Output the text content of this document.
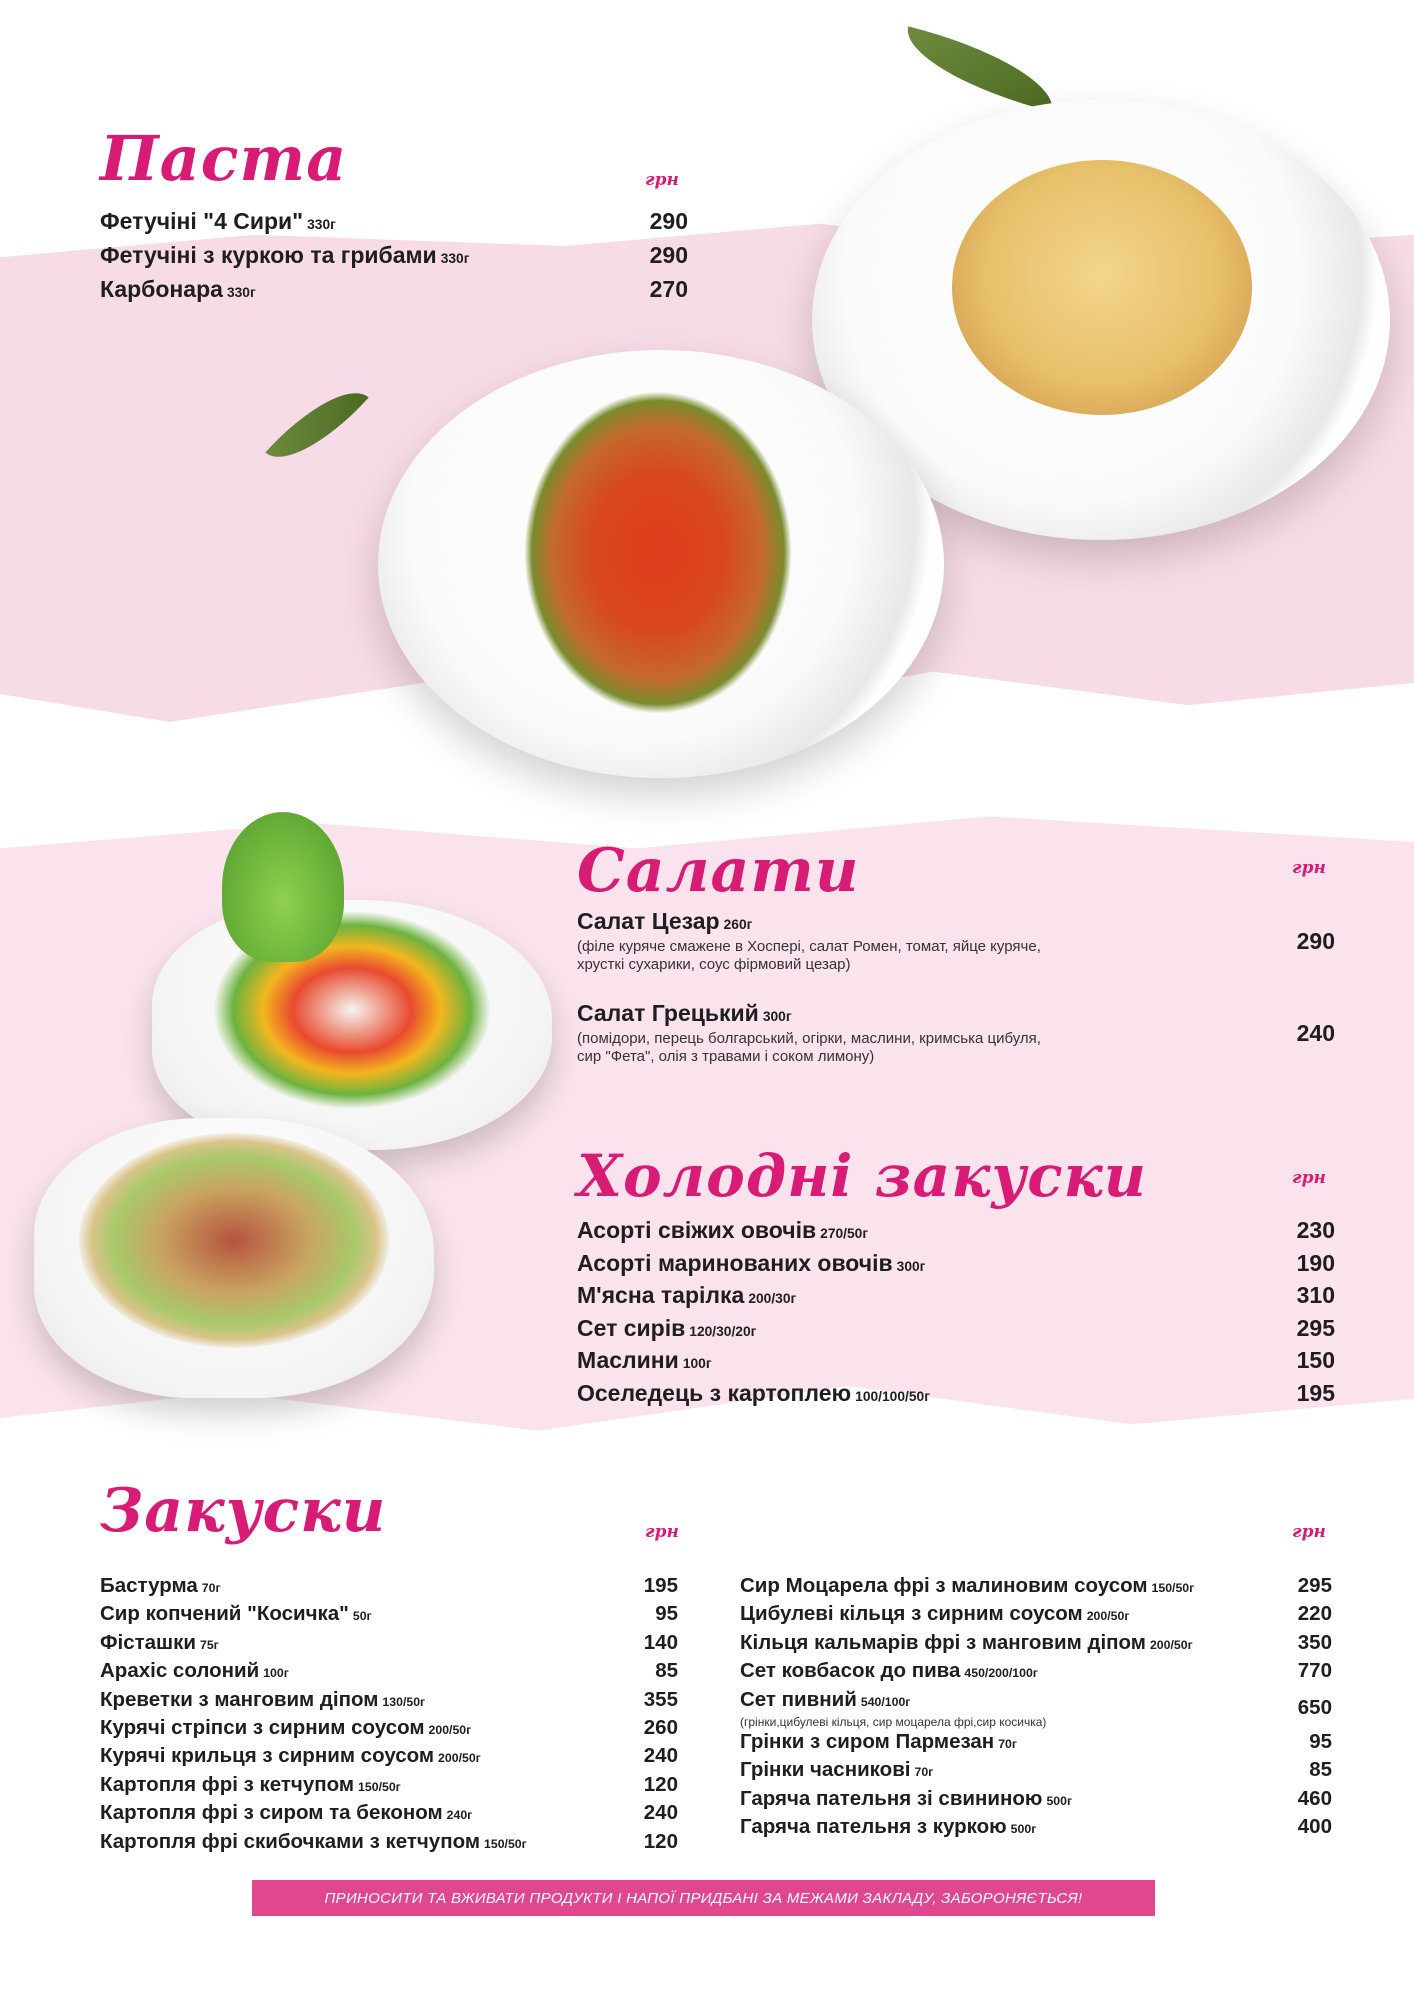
Паста	грн
Фетучіні "4 Сири" 330г	290
Фетучіні з куркою та грибами 330г	290
Карбонара 330г	270
Салати	грн
Салат Цезар 260г
(філе куряче смажене в Хоспері, салат Ромен, томат, яйце куряче, хрусткі сухарики, соус фірмовий цезар)
290
Салат Грецький 300г
(помідори, перець болгарський, огірки, маслини, кримська цибуля, сир "Фета", олія з травами і соком лимону)
240
Холодні закуски	грн
Асорті свіжих овочів 270/50г	230
Асорті маринованих овочів 300г	190
М'ясна тарілка 200/30г	310
Сет сирів 120/30/20г	295
Маслини 100г	150
Оселедець з картоплею 100/100/50г	195
Закуски	грн	грн
Бастурма 70г	195
Сир копчений "Косичка" 50г	95
Фісташки 75г	140
Арахіс солоний 100г	85
Креветки з манговим діпом 130/50г	355
Курячі стріпси з сирним соусом 200/50г	260
Курячі крильця з сирним соусом 200/50г	240
Картопля фрі з кетчупом 150/50г	120
Картопля фрі з сиром та беконом 240г	240
Картопля фрі скибочками з кетчупом 150/50г	120
Сир Моцарела фрі з малиновим соусом 150/50г	295
Цибулеві кільця з сирним соусом 200/50г	220
Кільця кальмарів фрі з манговим діпом 200/50г	350
Сет ковбасок до пива 450/200/100г	770
Сет пивний 540/100г
(грінки,цибулеві кільця, сир моцарела фрі,сир косичка)
650
Грінки з сиром Пармезан 70г	95
Грінки часникові 70г	85
Гаряча пательня зі свининою 500г	460
Гаряча пательня з куркою 500г	400
ПРИНОСИТИ ТА ВЖИВАТИ ПРОДУКТИ І НАПОЇ ПРИДБАНІ ЗА МЕЖАМИ ЗАКЛАДУ, ЗАБОРОНЯЄТЬСЯ!
